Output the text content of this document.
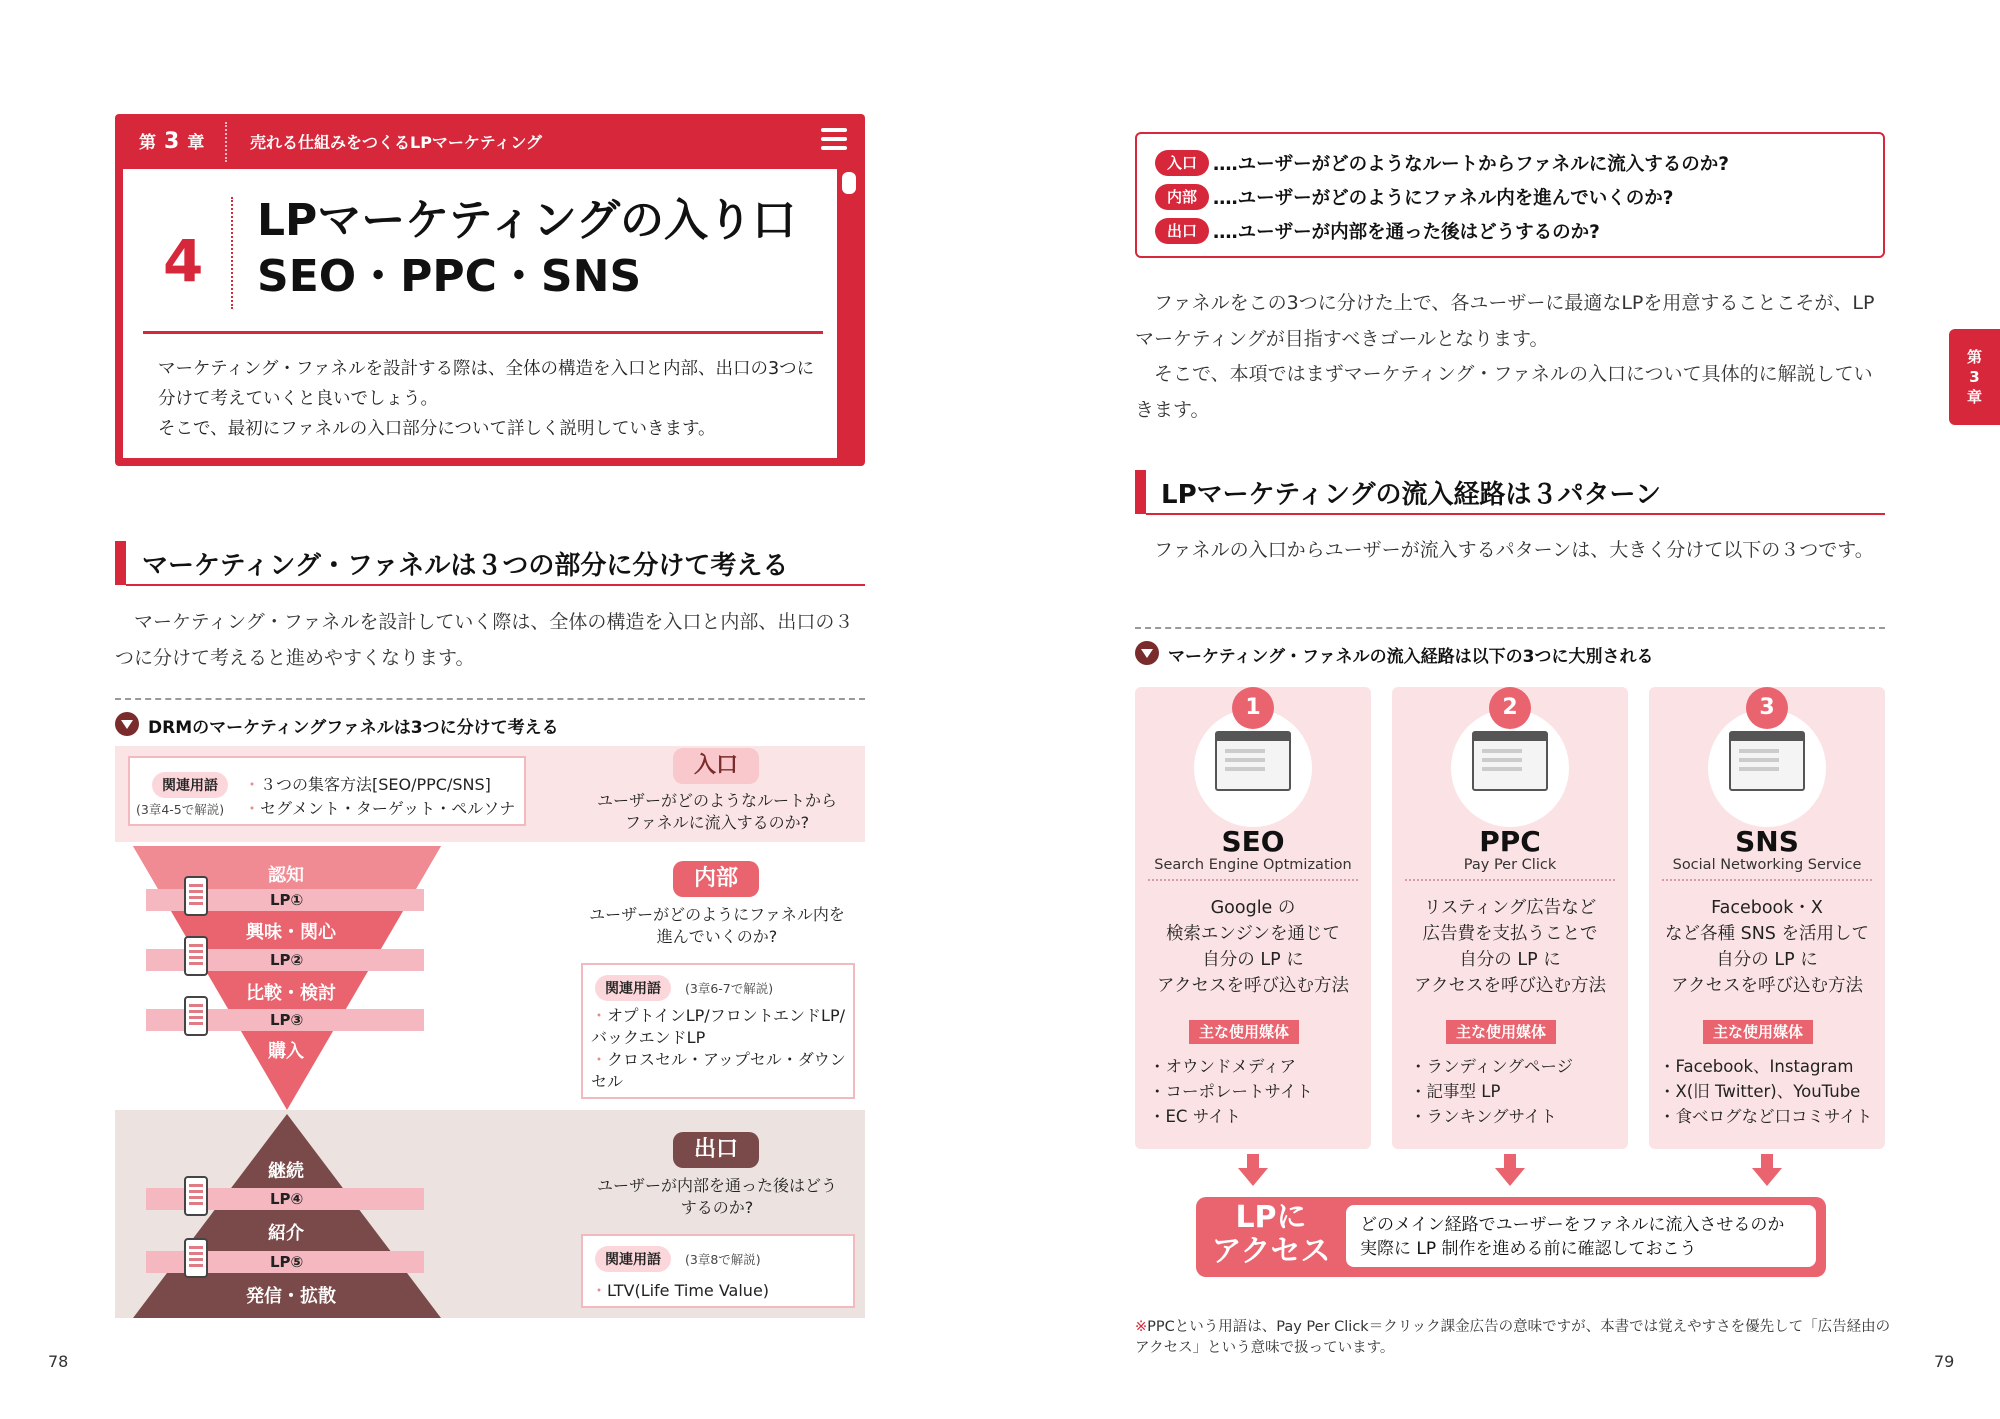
第 3 章	売れる仕組みをつくるLPマーケティング
4
LPマーケティングの入り口
SEO・PPC・SNS
マーケティング・ファネルを設計する際は、全体の構造を入口と内部、出口の3つに分けて考えていくと良いでしょう。
そこで、最初にファネルの入口部分について詳しく説明していきます。
マーケティング・ファネルは３つの部分に分けて考える
マーケティング・ファネルを設計していく際は、全体の構造を入口と内部、出口の３つに分けて考えると進めやすくなります。
DRMのマーケティングファネルは3つに分けて考える
関連用語
(3章4-5で解説)
・ ３つの集客方法[SEO/PPC/SNS]
・ セグメント・ターゲット・ペルソナ
入口
ユーザーがどのようなルートから
ファネルに流入するのか?
LP①
LP②
LP③
LP④
LP⑤
認知
興味・関心
比較・検討
購入
継続
紹介
発信・拡散
内部
ユーザーがどのようにファネル内を
進んでいくのか?
関連用語	(3章6-7で解説)
・ オプトインLP/フロントエンドLP/バックエンドLP
・ クロスセル・アップセル・ダウンセル
出口
ユーザーが内部を通った後はどう
するのか?
関連用語	(3章8で解説)
・ LTV(Life Time Value)
78
入口 ‥‥ユーザーがどのようなルートからファネルに流入するのか?
内部 ‥‥ユーザーがどのようにファネル内を進んでいくのか?
出口 ‥‥ユーザーが内部を通った後はどうするのか?
ファネルをこの3つに分けた上で、各ユーザーに最適なLPを用意することこそが、LPマーケティングが目指すべきゴールとなります。
そこで、本項ではまずマーケティング・ファネルの入口について具体的に解説していきます。
第
3
章
LPマーケティングの流入経路は３パターン
ファネルの入口からユーザーが流入するパターンは、大きく分けて以下の３つです。
マーケティング・ファネルの流入経路は以下の3つに大別される
1
SEO
Search Engine Optmization
Google の
検索エンジンを通じて
自分の LP に
アクセスを呼び込む方法
主な使用媒体
・オウンドメディア
・コーポレートサイト
・EC サイト
2
PPC
Pay Per Click
リスティング広告など
広告費を支払うことで
自分の LP に
アクセスを呼び込む方法
主な使用媒体
・ランディングページ
・記事型 LP
・ランキングサイト
3
SNS
Social Networking Service
Facebook・X
など各種 SNS を活用して
自分の LP に
アクセスを呼び込む方法
主な使用媒体
・Facebook、Instagram
・X(旧 Twitter)、YouTube
・食べログなど口コミサイト
LPに
アクセス
どのメイン経路でユーザーをファネルに流入させるのか
実際に LP 制作を進める前に確認しておこう
※PPCという用語は、Pay Per Click＝クリック課金広告の意味ですが、本書では覚えやすさを優先して「広告経由のアクセス」という意味で扱っています。
79
